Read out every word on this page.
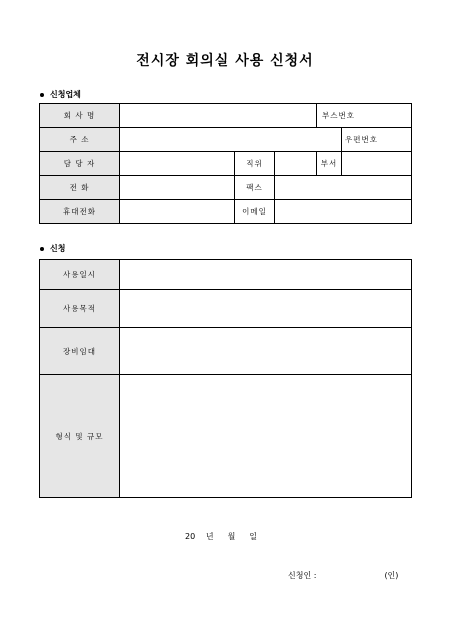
전시장 회의실 사용 신청서
신청업체
회 사 명				부스번호	
주 소					우편번호
담 당 자		직위		부서	
전 화		팩스			
휴대전화		이메일			
신청
사용일시	
사용목적	
장비임대	
형식 및 규모	
20 년 월 일
신청인 :	(인)
